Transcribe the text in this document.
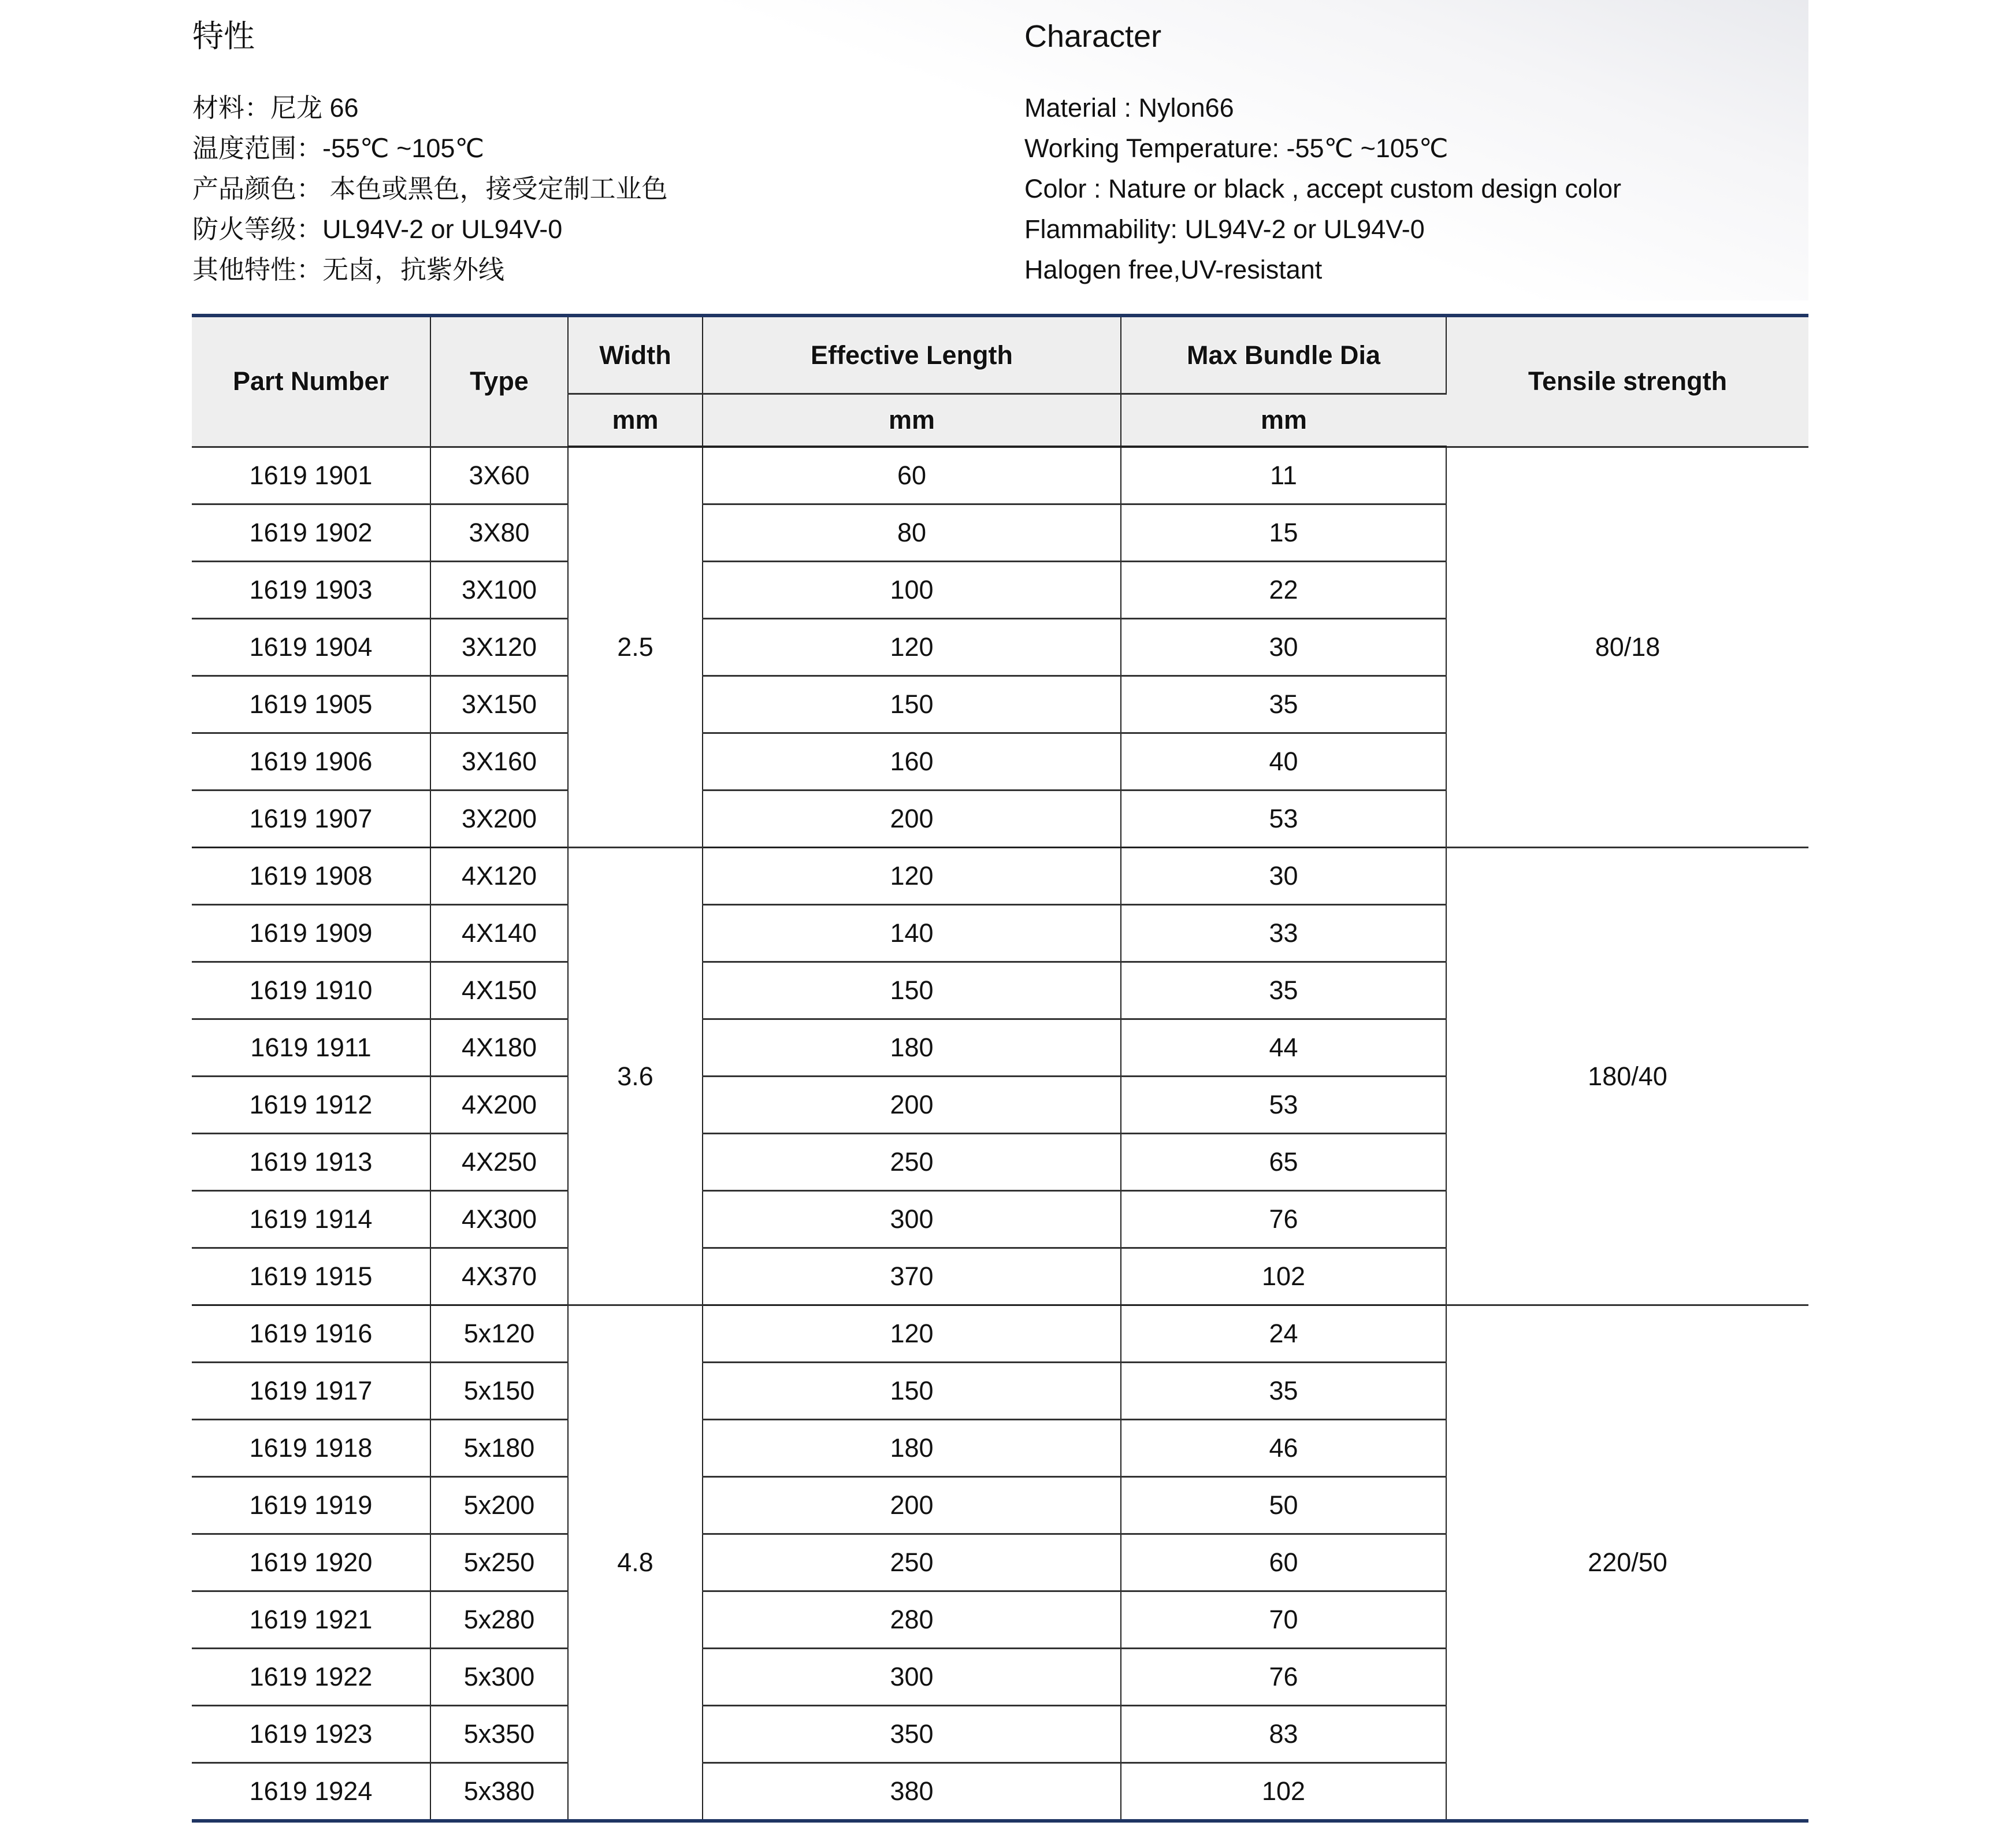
特性
材料：尼龙 66
温度范围：-55℃ ~105℃
产品颜色： 本色或黑色，接受定制工业色
防火等级：UL94V-2 or UL94V-0
其他特性：无卤，抗紫外线
Character
Material : Nylon66
Working Temperature: -55℃ ~105℃
Color : Nature or black , accept custom design color
Flammability: UL94V-2 or UL94V-0
Halogen free,UV-resistant
Part Number	Type	Width	Effective Length	Max Bundle Dia	Tensile strength
		mm	mm	mm	
1619 1901	3X60	2.5	60	11	80/18
1619 1902	3X80		80	15	
1619 1903	3X100		100	22	
1619 1904	3X120		120	30	
1619 1905	3X150		150	35	
1619 1906	3X160		160	40	
1619 1907	3X200		200	53	
1619 1908	4X120	3.6	120	30	180/40
1619 1909	4X140		140	33	
1619 1910	4X150		150	35	
1619 1911	4X180		180	44	
1619 1912	4X200		200	53	
1619 1913	4X250		250	65	
1619 1914	4X300		300	76	
1619 1915	4X370		370	102	
1619 1916	5x120	4.8	120	24	220/50
1619 1917	5x150		150	35	
1619 1918	5x180		180	46	
1619 1919	5x200		200	50	
1619 1920	5x250		250	60	
1619 1921	5x280		280	70	
1619 1922	5x300		300	76	
1619 1923	5x350		350	83	
1619 1924	5x380		380	102	
